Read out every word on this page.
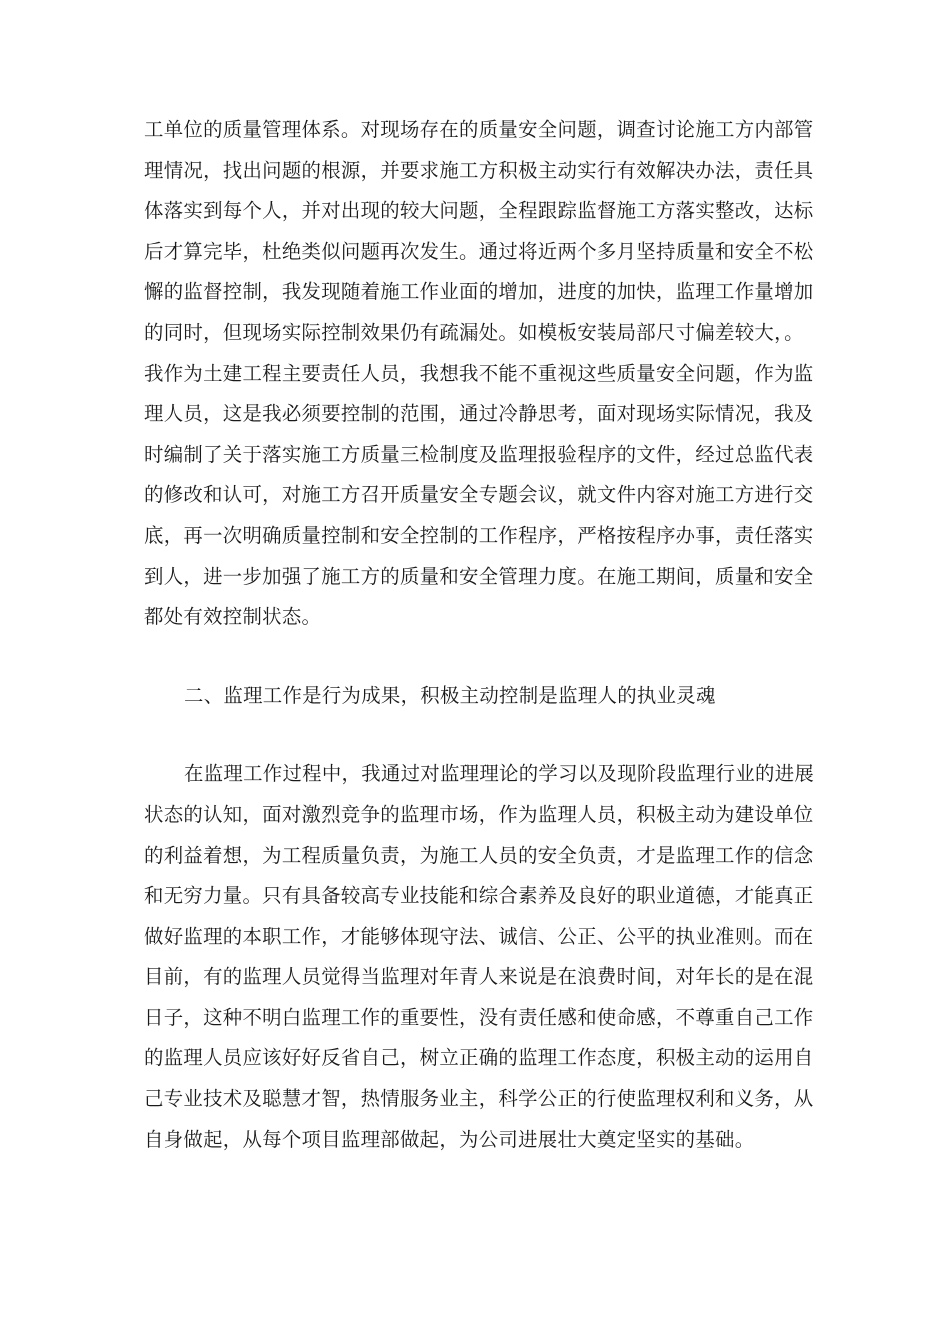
工单位的质量管理体系。对现场存在的质量安全问题，调查讨论施工方内部管
理情况，找出问题的根源，并要求施工方积极主动实行有效解决办法，责任具
体落实到每个人，并对出现的较大问题，全程跟踪监督施工方落实整改，达标
后才算完毕，杜绝类似问题再次发生。通过将近两个多月坚持质量和安全不松
懈的监督控制，我发现随着施工作业面的增加，进度的加快，监理工作量增加
的同时，但现场实际控制效果仍有疏漏处。如模板安装局部尺寸偏差较大，。
我作为土建工程主要责任人员，我想我不能不重视这些质量安全问题，作为监
理人员，这是我必须要控制的范围，通过冷静思考，面对现场实际情况，我及
时编制了关于落实施工方质量三检制度及监理报验程序的文件，经过总监代表
的修改和认可，对施工方召开质量安全专题会议，就文件内容对施工方进行交
底，再一次明确质量控制和安全控制的工作程序，严格按程序办事，责任落实
到人，进一步加强了施工方的质量和安全管理力度。在施工期间，质量和安全
都处有效控制状态。

二、监理工作是行为成果，积极主动控制是监理人的执业灵魂

在监理工作过程中，我通过对监理理论的学习以及现阶段监理行业的进展
状态的认知，面对激烈竞争的监理市场，作为监理人员，积极主动为建设单位
的利益着想，为工程质量负责，为施工人员的安全负责，才是监理工作的信念
和无穷力量。只有具备较高专业技能和综合素养及良好的职业道德，才能真正
做好监理的本职工作，才能够体现守法、诚信、公正、公平的执业准则。而在
目前，有的监理人员觉得当监理对年青人来说是在浪费时间，对年长的是在混
日子，这种不明白监理工作的重要性，没有责任感和使命感，不尊重自己工作
的监理人员应该好好反省自己，树立正确的监理工作态度，积极主动的运用自
己专业技术及聪慧才智，热情服务业主，科学公正的行使监理权利和义务，从
自身做起，从每个项目监理部做起，为公司进展壮大奠定坚实的基础。
